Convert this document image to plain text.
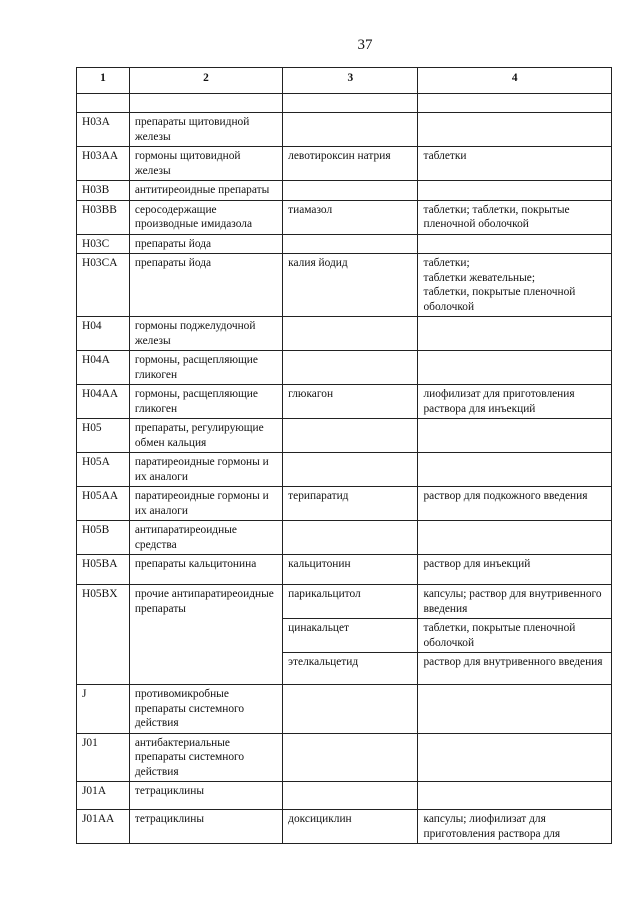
37
1	2	3	4

H03A	препараты щитовидной железы		
H03AA	гормоны щитовидной железы	левотироксин натрия	таблетки
H03B	антитиреоидные препараты		
H03BB	серосодержащие производные имидазола	тиамазол	таблетки; таблетки, покрытые пленочной оболочкой
H03C	препараты йода		
H03CA	препараты йода	калия йодид	таблетки;
таблетки жевательные;
таблетки, покрытые пленочной оболочкой
H04	гормоны поджелудочной железы		
H04A	гормоны, расщепляющие гликоген		
H04AA	гормоны, расщепляющие гликоген	глюкагон	лиофилизат для приготовления раствора для инъекций
H05	препараты, регулирующие обмен кальция		
H05A	паратиреоидные гормоны и их аналоги		
H05AA	паратиреоидные гормоны и их аналоги	терипаратид	раствор для подкожного введения
H05B	антипаратиреоидные средства		
H05BA	препараты кальцитонина	кальцитонин	раствор для инъекций
H05BX	прочие антипаратиреоидные препараты	парикальцитол	капсулы; раствор для внутривенного введения
		цинакальцет	таблетки, покрытые пленочной оболочкой
		этелкальцетид	раствор для внутривенного введения
J	противомикробные препараты системного действия		
J01	антибактериальные препараты системного действия		
J01A	тетрациклины		
J01AA	тетрациклины	доксициклин	капсулы; лиофилизат для приготовления раствора для
